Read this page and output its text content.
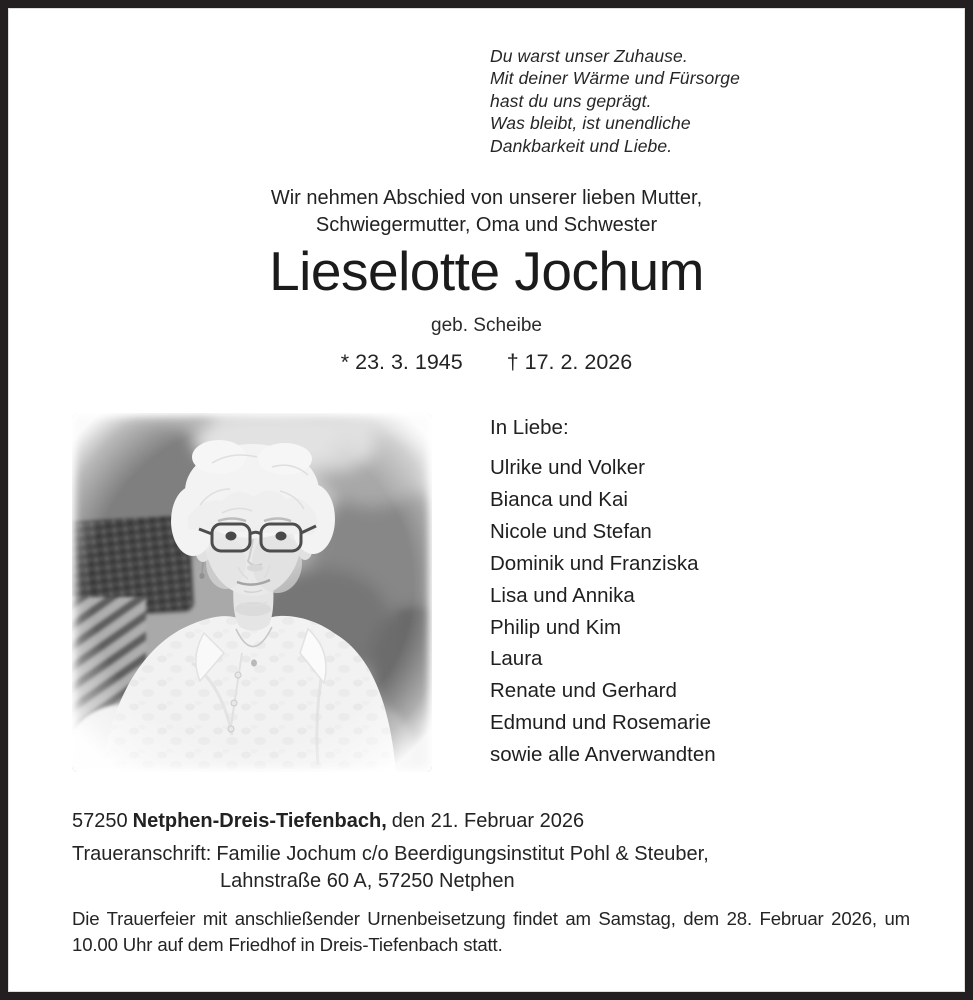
Du warst unser Zuhause.
Mit deiner Wärme und Fürsorge
hast du uns geprägt.
Was bleibt, ist unendliche
Dankbarkeit und Liebe.
Wir nehmen Abschied von unserer lieben Mutter,
Schwiegermutter, Oma und Schwester
Lieselotte Jochum
geb. Scheibe
* 23. 3. 1945 † 17. 2. 2026
In Liebe:
Ulrike und Volker
Bianca und Kai
Nicole und Stefan
Dominik und Franziska
Lisa und Annika
Philip und Kim
Laura
Renate und Gerhard
Edmund und Rosemarie
sowie alle Anverwandten
57250 Netphen-Dreis-Tiefenbach, den 21. Februar 2026
Traueranschrift: Familie Jochum c/o Beerdigungsinstitut Pohl & Steuber,
Lahnstraße 60 A, 57250 Netphen
Die Trauerfeier mit anschließender Urnenbeisetzung findet am Samstag, dem 28. Februar 2026, um
10.00 Uhr auf dem Friedhof in Dreis-Tiefenbach statt.
